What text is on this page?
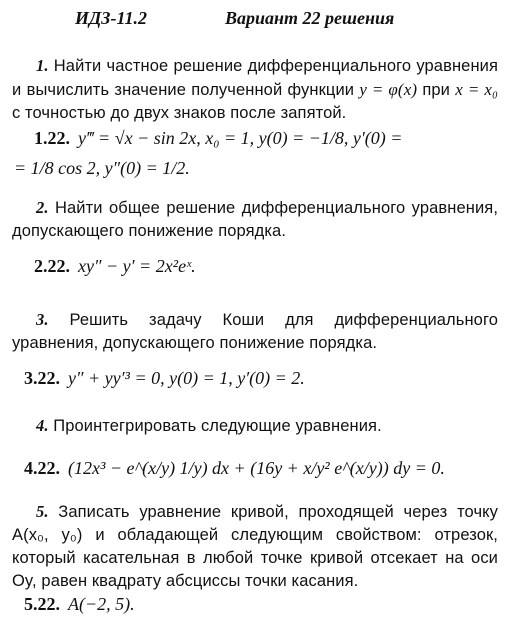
ИДЗ-11.2	Вариант 22 решения
1. Найти частное решение дифференциального уравнения и вычислить значение полученной функции y = φ(x) при x = x₀ с точностью до двух знаков после запятой.
1.22. y‴ = √x − sin 2x, x₀ = 1, y(0) = −1/8, y′(0) =
= 1/8 cos 2, y″(0) = 1/2.
2. Найти общее решение дифференциального уравнения, допускающего понижение порядка.
2.22. xy″ − y′ = 2x²eˣ.
3. Решить задачу Коши для дифференциального уравнения, допускающего понижение порядка.
3.22. y″ + yy′³ = 0, y(0) = 1, y′(0) = 2.
4. Проинтегрировать следующие уравнения.
4.22. (12x³ − e^(x/y) 1/y) dx + (16y + x/y² e^(x/y)) dy = 0.
5. Записать уравнение кривой, проходящей через точку A(x₀, y₀) и обладающей следующим свойством: отрезок, который касательная в любой точке кривой отсекает на оси Oy, равен квадрату абсциссы точки касания.
5.22. A(−2, 5).
